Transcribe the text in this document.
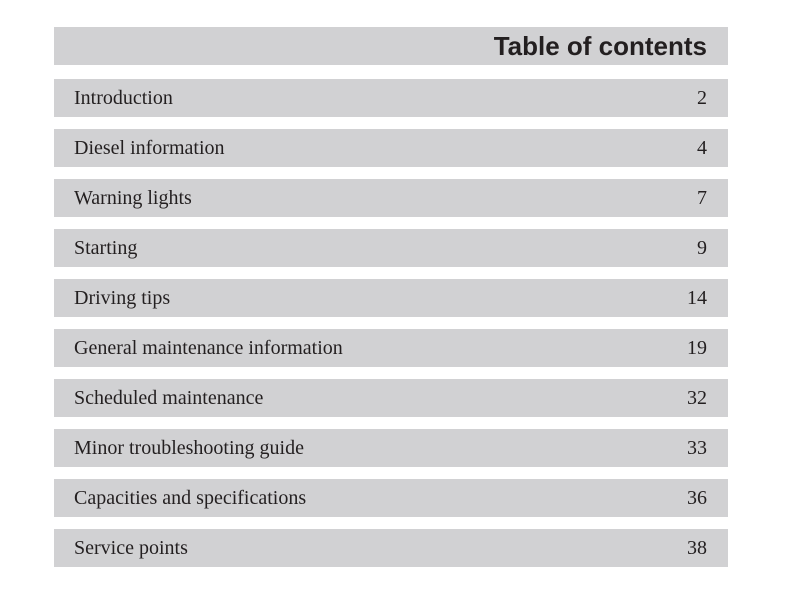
Table of contents
Introduction	2
Diesel information	4
Warning lights	7
Starting	9
Driving tips	14
General maintenance information	19
Scheduled maintenance	32
Minor troubleshooting guide	33
Capacities and specifications	36
Service points	38
